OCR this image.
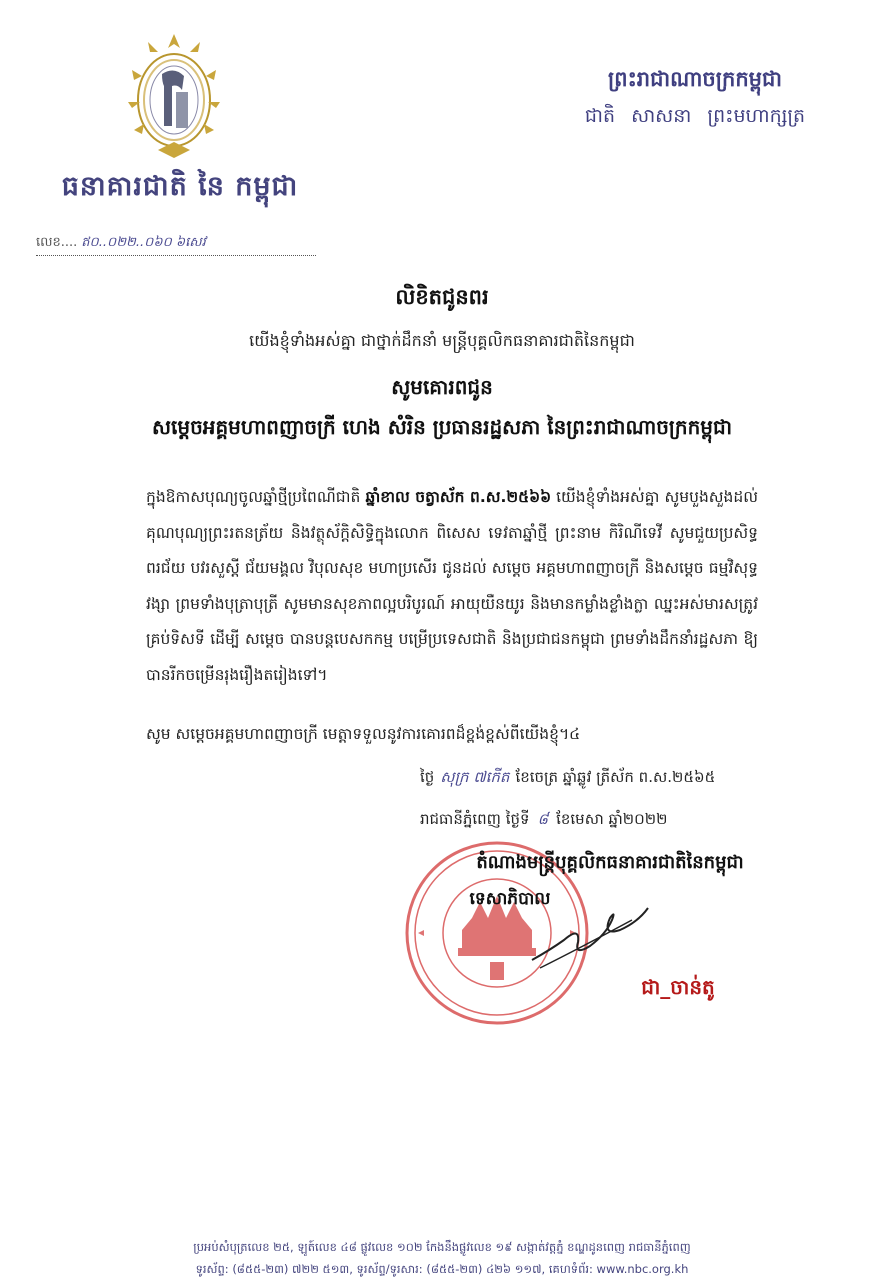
ធនាគារជាតិ នៃ កម្ពុជា
លេខ.... ឥ០..០២២..០៦០ ៦សេវ
ព្រះរាជាណាចក្រកម្ពុជា
ជាតិ សាសនា ព្រះមហាក្សត្រ
លិខិតជូនពរ
យើងខ្ញុំទាំងអស់គ្នា ជាថ្នាក់ដឹកនាំ មន្ត្រីបុគ្គលិកធនាគារជាតិនៃកម្ពុជា
សូមគោរពជូន
សម្ដេចអគ្គមហាពញាចក្រី ហេង សំរិន ប្រធានរដ្ឋសភា នៃព្រះរាជាណាចក្រកម្ពុជា
ក្នុងឱកាសបុណ្យចូលឆ្នាំថ្មីប្រពៃណីជាតិ ឆ្នាំខាល ចត្វាស័ក ព.ស.២៥៦៦ យើងខ្ញុំទាំងអស់គ្នា សូមបួងសួងដល់គុណបុណ្យព្រះរតនត្រ័យ និងវត្ថុស័ក្តិសិទ្ធិក្នុងលោក ពិសេស ទេវតាឆ្នាំថ្មី ព្រះនាម កិរិណីទេវី សូមជួយប្រសិទ្ធពរជ័យ បវរសួស្តី ជ័យមង្គល វិបុលសុខ មហាប្រសើរ ជូនដល់ សម្ដេច អគ្គមហាពញាចក្រី និងសម្ដេច ធម្មវិសុទ្ធវង្សា ព្រមទាំងបុត្រាបុត្រី សូមមានសុខភាពល្អបរិបូរណ៍ អាយុយឺនយូរ និងមានកម្លាំងខ្លាំងក្លា ឈ្នះអស់មារសត្រូវគ្រប់ទិសទី ដើម្បី សម្ដេច បានបន្តបេសកកម្ម បម្រើប្រទេសជាតិ និងប្រជាជនកម្ពុជា ព្រមទាំងដឹកនាំរដ្ឋសភា ឱ្យបានរីកចម្រើនរុងរឿងតរៀងទៅ។
សូម សម្ដេចអគ្គមហាពញាចក្រី មេត្តាទទួលនូវការគោរពដ៏ខ្ពង់ខ្ពស់ពីយើងខ្ញុំ។៤
ថ្ងៃ សុក្រ ៧កើត ខែចេត្រ ឆ្នាំឆ្លូវ ត្រីស័ក ព.ស.២៥៦៥
រាជធានីភ្នំពេញ ថ្ងៃទី ៨ ខែមេសា ឆ្នាំ២០២២
តំណាងមន្ត្រីបុគ្គលិកធនាគារជាតិនៃកម្ពុជា
ទេសាភិបាល
ជា_ចាន់តូ
ប្រអប់សំបុត្រលេខ ២៥, ឡូត៍លេខ ៤៨ ផ្លូវលេខ ១០២ កែងនឹងផ្លូវលេខ ១៩ សង្កាត់វត្តភ្នំ ខណ្ឌដូនពេញ រាជធានីភ្នំពេញ
ទូរស័ព្ទ: (៨៥៥-២៣) ៧២២ ៥១៣, ទូរស័ព្ទ/ទូរសារ: (៨៥៥-២៣) ៤២៦ ១១៧, គេហទំព័រ: www.nbc.org.kh
